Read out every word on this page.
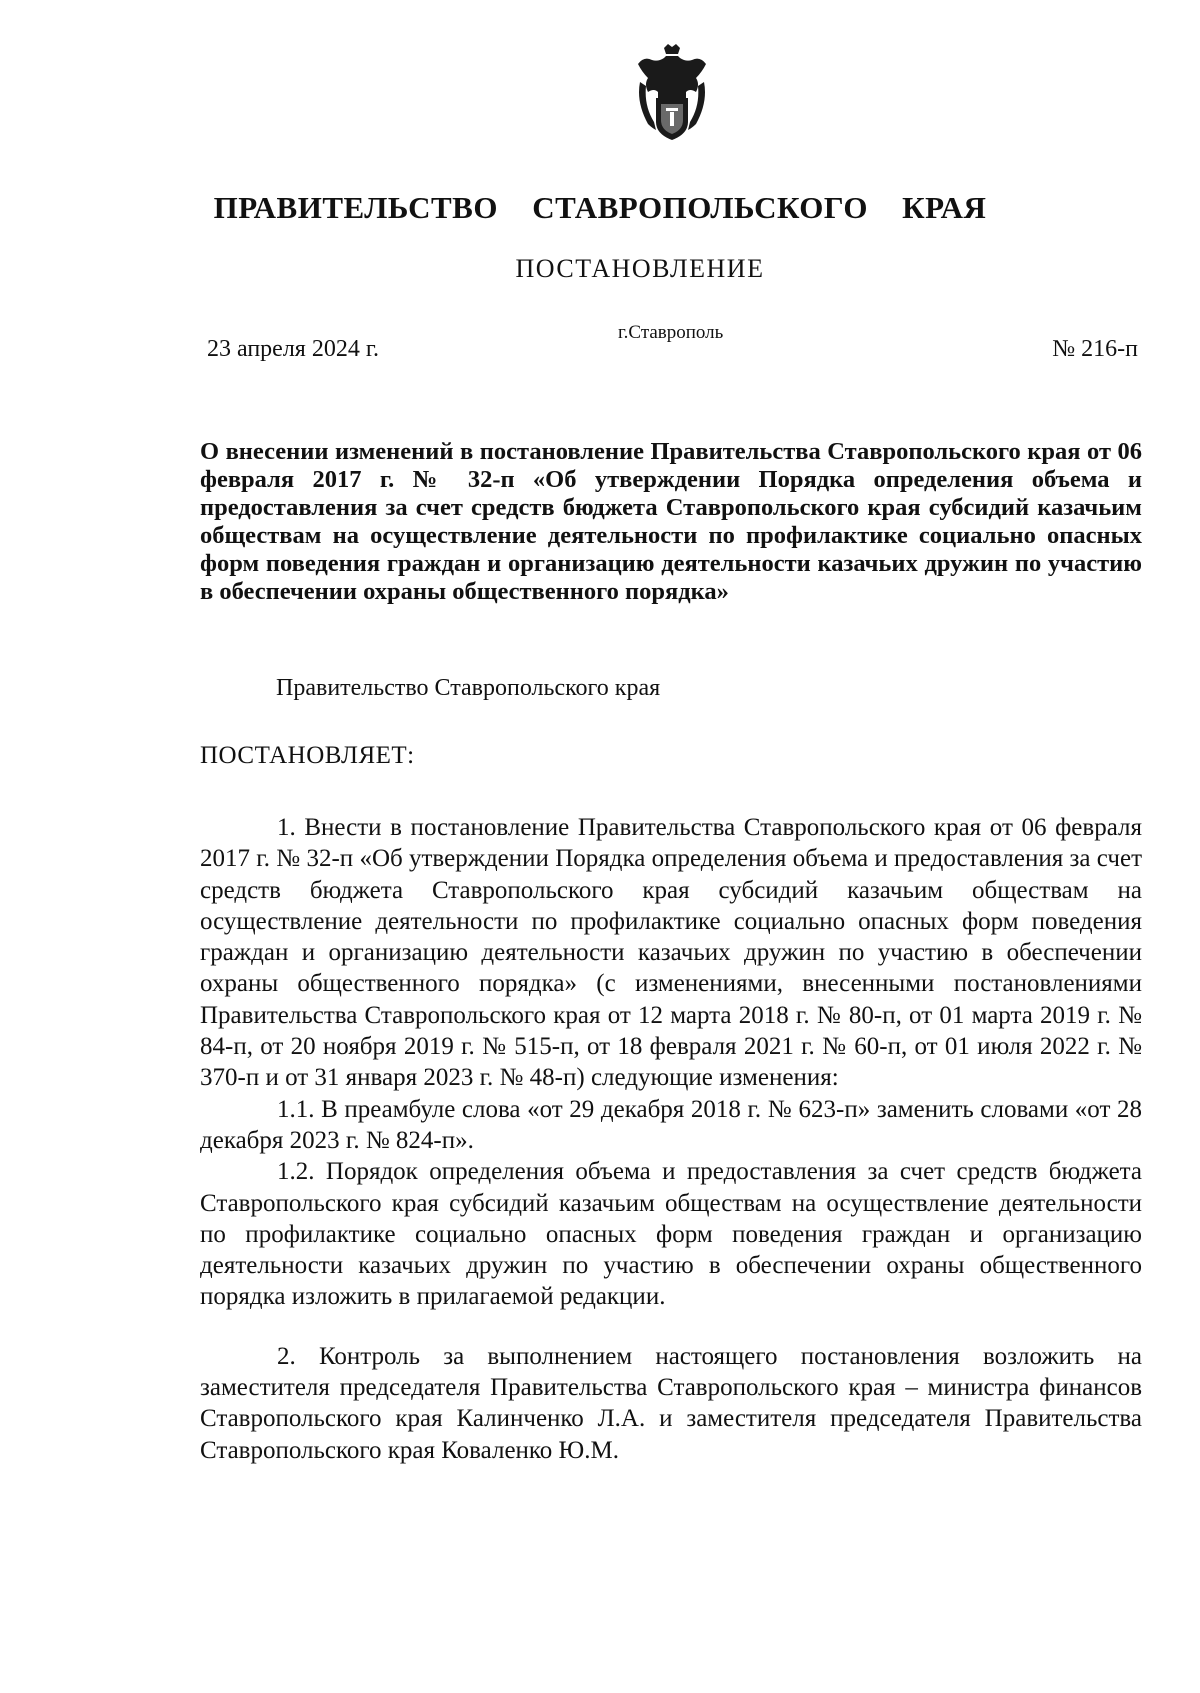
ПРАВИТЕЛЬСТВО СТАВРОПОЛЬСКОГО КРАЯ
ПОСТАНОВЛЕНИЕ
г.Ставрополь
23 апреля 2024 г.	№ 216-п

О внесении изменений в постановление Правительства Ставропольского края от 06 февраля 2017 г. № 32-п «Об утверждении Порядка определения объема и предоставления за счет средств бюджета Ставропольского края субсидий казачьим обществам на осуществление деятельности по профилактике социально опасных форм поведения граждан и организацию деятельности казачьих дружин по участию в обеспечении охраны общественного порядка»

Правительство Ставропольского края
ПОСТАНОВЛЯЕТ:

1. Внести в постановление Правительства Ставропольского края от 06 февраля 2017 г. № 32-п «Об утверждении Порядка определения объема и предоставления за счет средств бюджета Ставропольского края субсидий казачьим обществам на осуществление деятельности по профилактике социально опасных форм поведения граждан и организацию деятельности казачьих дружин по участию в обеспечении охраны общественного порядка» (с изменениями, внесенными постановлениями Правительства Ставропольского края от 12 марта 2018 г. № 80-п, от 01 марта 2019 г. № 84-п, от 20 ноября 2019 г. № 515-п, от 18 февраля 2021 г. № 60-п, от 01 июля 2022 г. № 370-п и от 31 января 2023 г. № 48-п) следующие изменения:

1.1. В преамбуле слова «от 29 декабря 2018 г. № 623-п» заменить словами «от 28 декабря 2023 г. № 824-п».

1.2. Порядок определения объема и предоставления за счет средств бюджета Ставропольского края субсидий казачьим обществам на осуществление деятельности по профилактике социально опасных форм поведения граждан и организацию деятельности казачьих дружин по участию в обеспечении охраны общественного порядка изложить в прилагаемой редакции.

2. Контроль за выполнением настоящего постановления возложить на заместителя председателя Правительства Ставропольского края – министра финансов Ставропольского края Калинченко Л.А. и заместителя председателя Правительства Ставропольского края Коваленко Ю.М.
